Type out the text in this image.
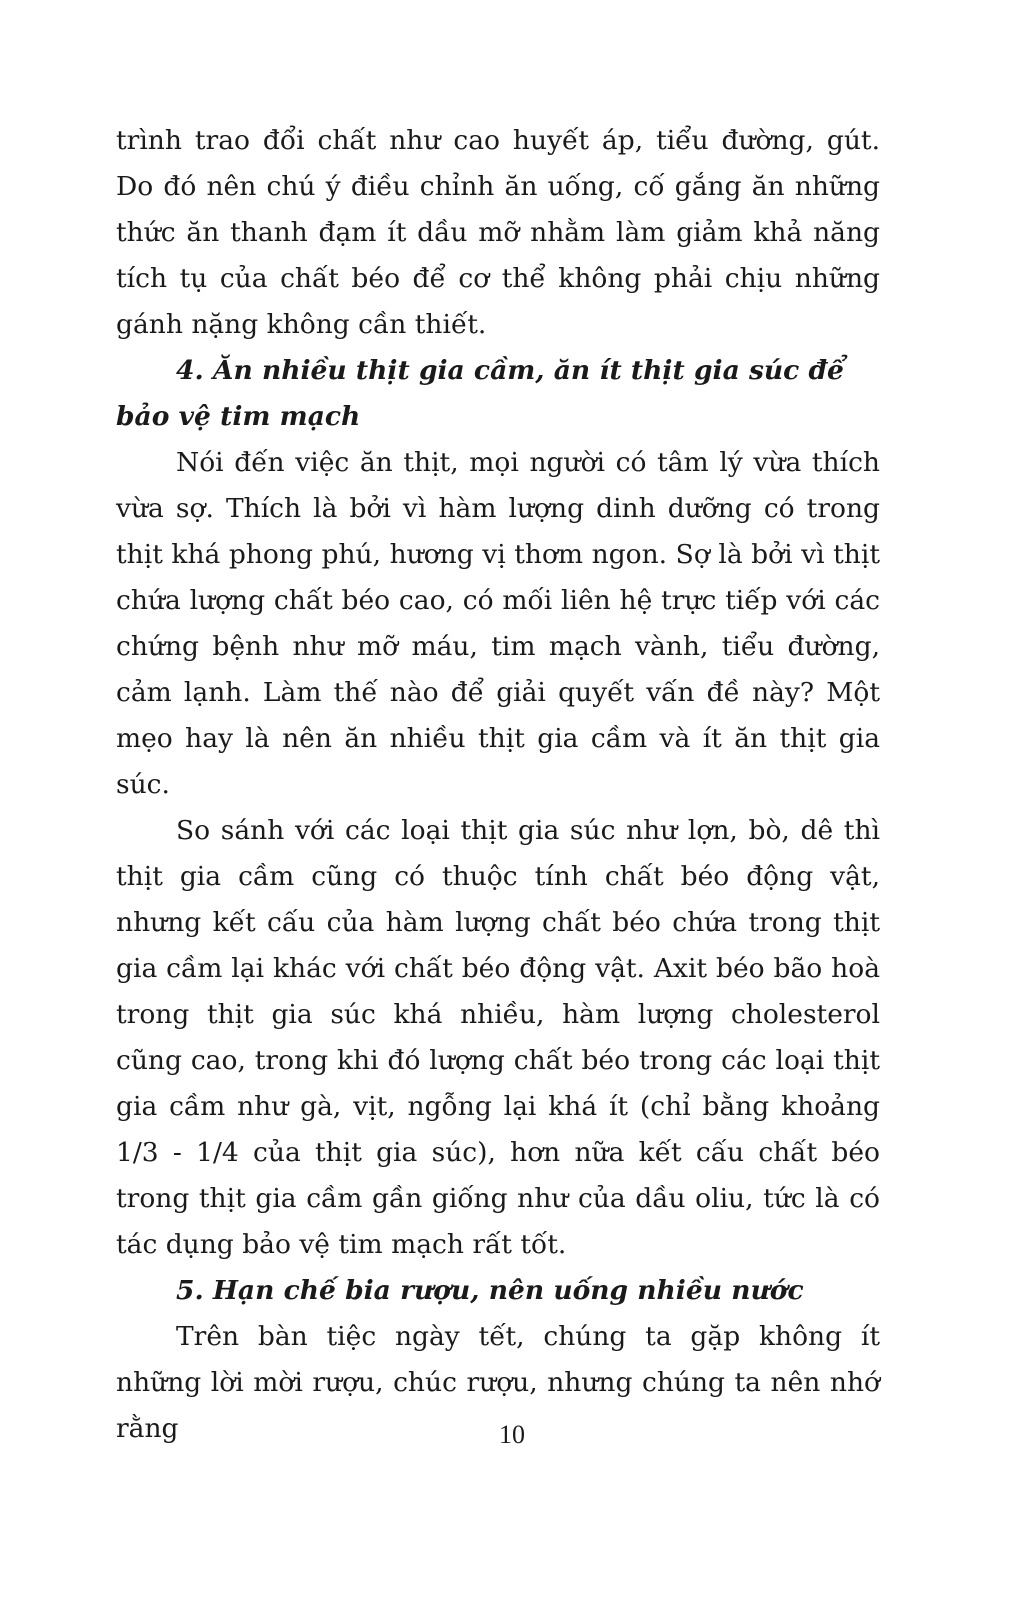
trình trao đổi chất như cao huyết áp, tiểu đường, gút. Do đó nên chú ý điều chỉnh ăn uống, cố gắng ăn những thức ăn thanh đạm ít dầu mỡ nhằm làm giảm khả năng tích tụ của chất béo để cơ thể không phải chịu những gánh nặng không cần thiết.

4. Ăn nhiều thịt gia cầm, ăn ít thịt gia súc để bảo vệ tim mạch

Nói đến việc ăn thịt, mọi người có tâm lý vừa thích vừa sợ. Thích là bởi vì hàm lượng dinh dưỡng có trong thịt khá phong phú, hương vị thơm ngon. Sợ là bởi vì thịt chứa lượng chất béo cao, có mối liên hệ trực tiếp với các chứng bệnh như mỡ máu, tim mạch vành, tiểu đường, cảm lạnh. Làm thế nào để giải quyết vấn đề này? Một mẹo hay là nên ăn nhiều thịt gia cầm và ít ăn thịt gia súc.

So sánh với các loại thịt gia súc như lợn, bò, dê thì thịt gia cầm cũng có thuộc tính chất béo động vật, nhưng kết cấu của hàm lượng chất béo chứa trong thịt gia cầm lại khác với chất béo động vật. Axit béo bão hoà trong thịt gia súc khá nhiều, hàm lượng cholesterol cũng cao, trong khi đó lượng chất béo trong các loại thịt gia cầm như gà, vịt, ngỗng lại khá ít (chỉ bằng khoảng 1/3 - 1/4 của thịt gia súc), hơn nữa kết cấu chất béo trong thịt gia cầm gần giống như của dầu oliu, tức là có tác dụng bảo vệ tim mạch rất tốt.

5. Hạn chế bia rượu, nên uống nhiều nước

Trên bàn tiệc ngày tết, chúng ta gặp không ít những lời mời rượu, chúc rượu, nhưng chúng ta nên nhớ rằng	10
